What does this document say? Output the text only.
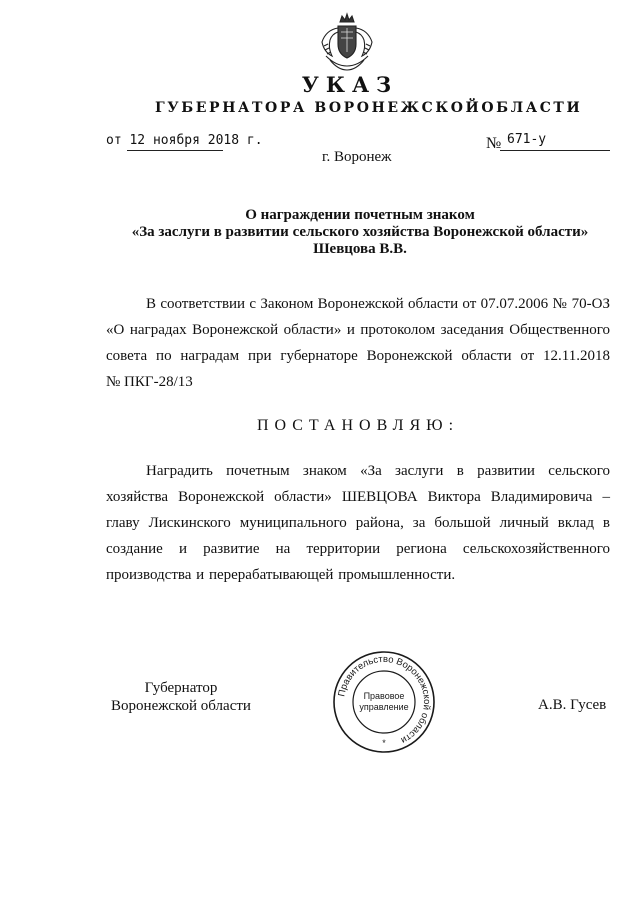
УКАЗ
ГУБЕРНАТОРА ВОРОНЕЖСКОЙОБЛАСТИ
от 12 ноября 2018 г.	№ 671-у
г. Воронеж
О награждении почетным знаком
«За заслуги в развитии сельского хозяйства Воронежской области»
Шевцова В.В.
В соответствии с Законом Воронежской области от 07.07.2006 № 70-ОЗ
«О наградах Воронежской области» и протоколом заседания Общественного
совета по наградам при губернаторе Воронежской области от 12.11.2018
№ ПКГ-28/13
ПОСТАНОВЛЯЮ:
Наградить почетным знаком «За заслуги в развитии сельского
хозяйства Воронежской области» ШЕВЦОВА Виктора Владимировича –
главу Лискинского муниципального района, за большой личный вклад в
создание и развитие на территории региона сельскохозяйственного
производства и перерабатывающей промышленности.
Губернатор
Воронежской области
Правительство Воронежской области
Правовое
управление
*
А.В. Гусев
